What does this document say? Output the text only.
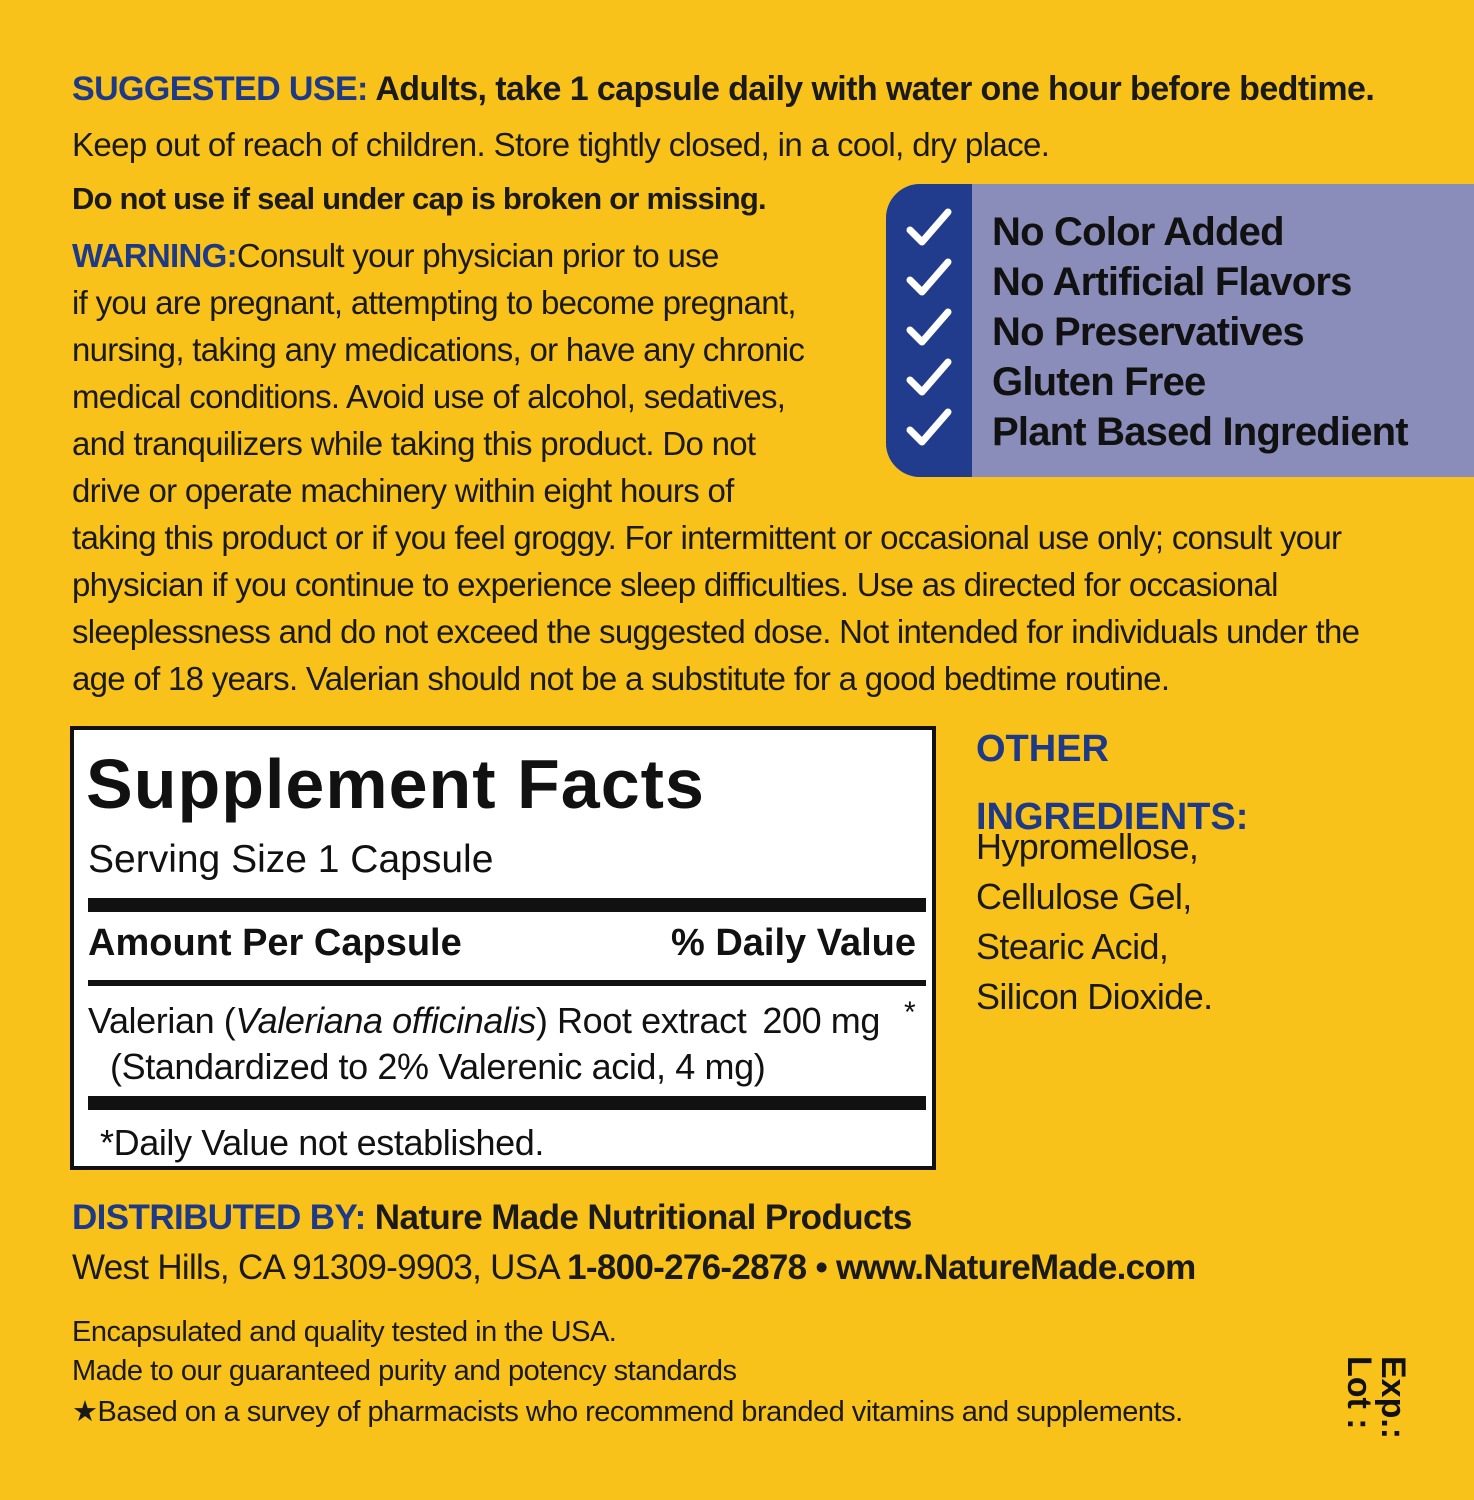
SUGGESTED USE: Adults, take 1 capsule daily with water one hour before bedtime.
Keep out of reach of children. Store tightly closed, in a cool, dry place.
Do not use if seal under cap is broken or missing.
WARNING:Consult your physician prior to use
if you are pregnant, attempting to become pregnant,
nursing, taking any medications, or have any chronic
medical conditions. Avoid use of alcohol, sedatives,
and tranquilizers while taking this product. Do not
drive or operate machinery within eight hours of
taking this product or if you feel groggy. For intermittent or occasional use only; consult your
physician if you continue to experience sleep difficulties. Use as directed for occasional
sleeplessness and do not exceed the suggested dose. Not intended for individuals under the
age of 18 years. Valerian should not be a substitute for a good bedtime routine.
No Color Added
No Artificial Flavors
No Preservatives
Gluten Free
Plant Based Ingredient
Supplement Facts
Serving Size 1 Capsule
Amount Per Capsule	% Daily Value
Valerian (Valeriana officinalis) Root extract 200 mg *
(Standardized to 2% Valerenic acid, 4 mg)
*Daily Value not established.
OTHER
INGREDIENTS:
Hypromellose,
Cellulose Gel,
Stearic Acid,
Silicon Dioxide.
DISTRIBUTED BY: Nature Made Nutritional Products
West Hills, CA 91309-9903, USA 1-800-276-2878 • www.NatureMade.com
Encapsulated and quality tested in the USA.
Made to our guaranteed purity and potency standards
★Based on a survey of pharmacists who recommend branded vitamins and supplements.	Lot :
Exp.:
